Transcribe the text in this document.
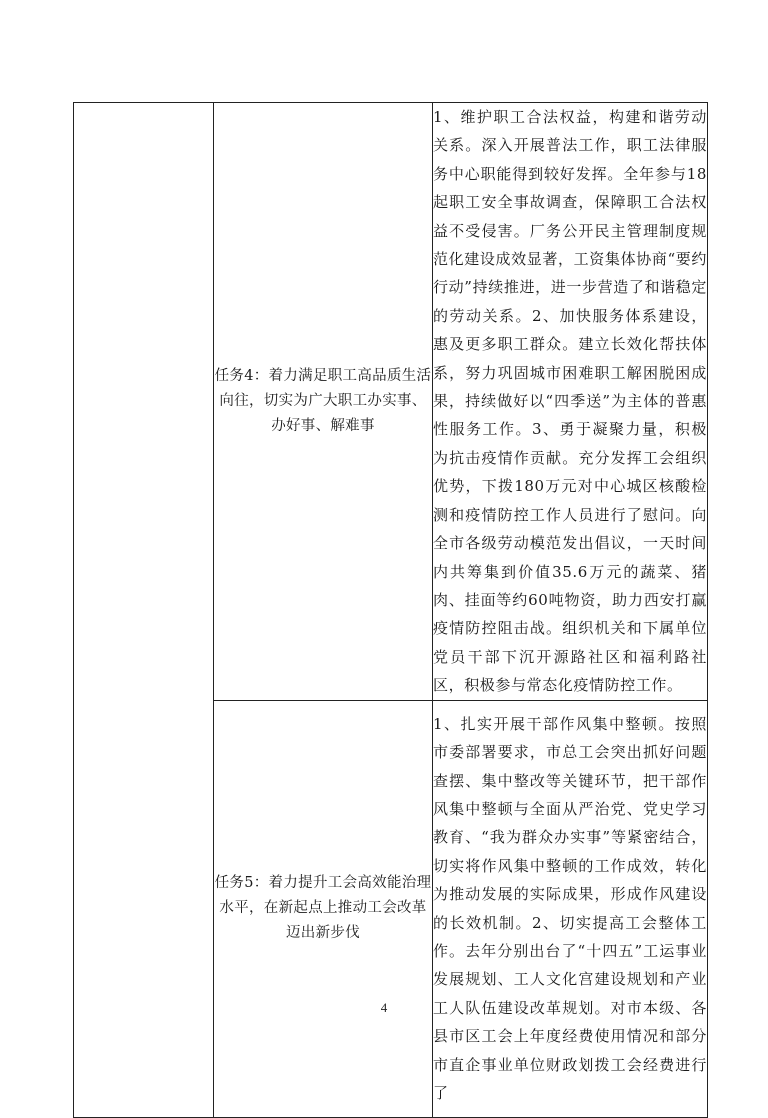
	任务4：着力满足职工高品质生活向往，切实为广大职工办实事、办好事、解难事	1、维护职工合法权益，构建和谐劳动关系。深入开展普法工作，职工法律服务中心职能得到较好发挥。全年参与18起职工安全事故调查，保障职工合法权益不受侵害。厂务公开民主管理制度规范化建设成效显著，工资集体协商“要约行动”持续推进，进一步营造了和谐稳定的劳动关系。2、加快服务体系建设，惠及更多职工群众。建立长效化帮扶体系，努力巩固城市困难职工解困脱困成果，持续做好以“四季送”为主体的普惠性服务工作。3、勇于凝聚力量，积极为抗击疫情作贡献。充分发挥工会组织优势，下拨180万元对中心城区核酸检测和疫情防控工作人员进行了慰问。向全市各级劳动模范发出倡议，一天时间内共筹集到价值35.6万元的蔬菜、猪肉、挂面等约60吨物资，助力西安打赢疫情防控阻击战。组织机关和下属单位党员干部下沉开源路社区和福利路社区，积极参与常态化疫情防控工作。

	任务5：着力提升工会高效能治理水平，在新起点上推动工会改革迈出新步伐	1、扎实开展干部作风集中整顿。按照市委部署要求，市总工会突出抓好问题查摆、集中整改等关键环节，把干部作风集中整顿与全面从严治党、党史学习教育、“我为群众办实事”等紧密结合，切实将作风集中整顿的工作成效，转化为推动发展的实际成果，形成作风建设的长效机制。2、切实提高工会整体工作。去年分别出台了“十四五”工运事业发展规划、工人文化宫建设规划和产业工人队伍建设改革规划。对市本级、各县市区工会上年度经费使用情况和部分市直企事业单位财政划拨工会经费进行了
4
